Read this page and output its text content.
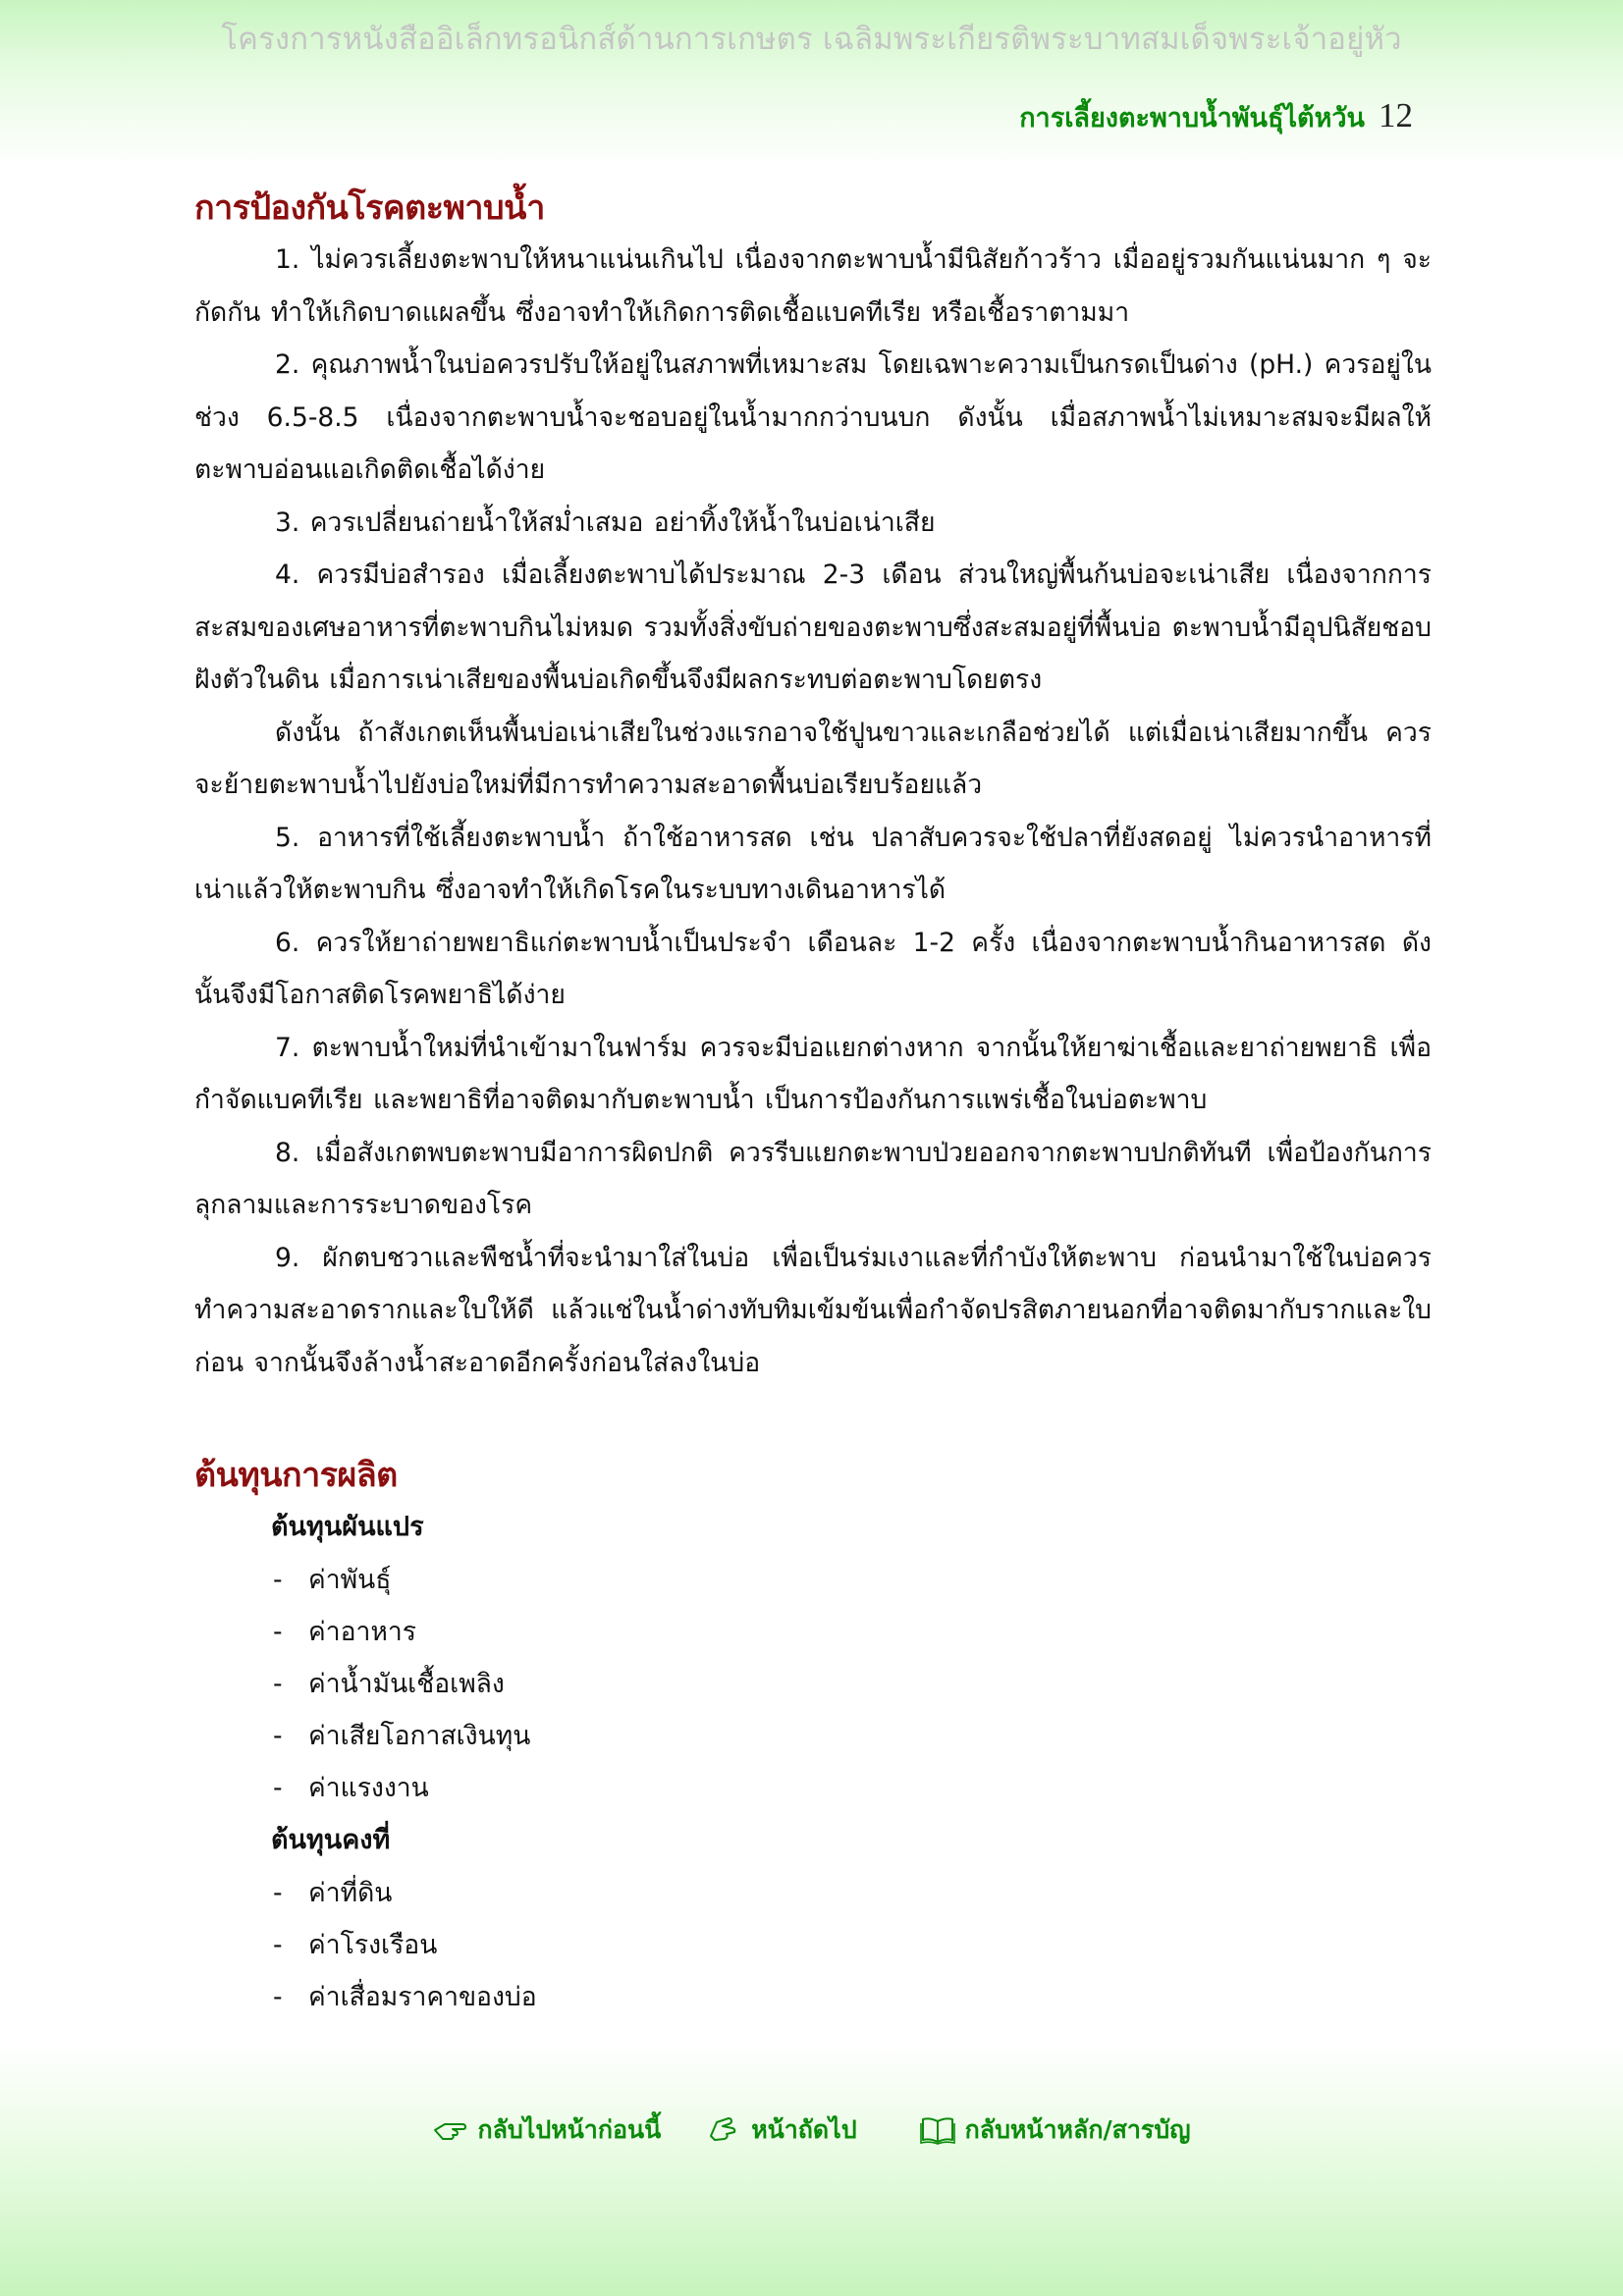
โครงการหนังสืออิเล็กทรอนิกส์ด้านการเกษตร เฉลิมพระเกียรติพระบาทสมเด็จพระเจ้าอยู่หัว
การเลี้ยงตะพาบน้ำพันธุ์ไต้หวัน 12
การป้องกันโรคตะพาบน้ำ

1. ไม่ควรเลี้ยงตะพาบให้หนาแน่นเกินไป เนื่องจากตะพาบน้ำมีนิสัยก้าวร้าว เมื่ออยู่รวมกันแน่นมาก ๆ จะกัดกัน ทำให้เกิดบาดแผลขึ้น ซึ่งอาจทำให้เกิดการติดเชื้อแบคทีเรีย หรือเชื้อราตามมา

2. คุณภาพน้ำในบ่อควรปรับให้อยู่ในสภาพที่เหมาะสม โดยเฉพาะความเป็นกรดเป็นด่าง (pH.) ควรอยู่ในช่วง 6.5-8.5 เนื่องจากตะพาบน้ำจะชอบอยู่ในน้ำมากกว่าบนบก ดังนั้น เมื่อสภาพน้ำไม่เหมาะสมจะมีผลให้ตะพาบอ่อนแอเกิดติดเชื้อได้ง่าย

3. ควรเปลี่ยนถ่ายน้ำให้สม่ำเสมอ อย่าทิ้งให้น้ำในบ่อเน่าเสีย

4. ควรมีบ่อสำรอง เมื่อเลี้ยงตะพาบได้ประมาณ 2-3 เดือน ส่วนใหญ่พื้นก้นบ่อจะเน่าเสีย เนื่องจากการสะสมของเศษอาหารที่ตะพาบกินไม่หมด รวมทั้งสิ่งขับถ่ายของตะพาบซึ่งสะสมอยู่ที่พื้นบ่อ ตะพาบน้ำมีอุปนิสัยชอบฝังตัวในดิน เมื่อการเน่าเสียของพื้นบ่อเกิดขึ้นจึงมีผลกระทบต่อตะพาบโดยตรง

ดังนั้น ถ้าสังเกตเห็นพื้นบ่อเน่าเสียในช่วงแรกอาจใช้ปูนขาวและเกลือช่วยได้ แต่เมื่อเน่าเสียมากขึ้น ควรจะย้ายตะพาบน้ำไปยังบ่อใหม่ที่มีการทำความสะอาดพื้นบ่อเรียบร้อยแล้ว

5. อาหารที่ใช้เลี้ยงตะพาบน้ำ ถ้าใช้อาหารสด เช่น ปลาสับควรจะใช้ปลาที่ยังสดอยู่ ไม่ควรนำอาหารที่เน่าแล้วให้ตะพาบกิน ซึ่งอาจทำให้เกิดโรคในระบบทางเดินอาหารได้

6. ควรให้ยาถ่ายพยาธิแก่ตะพาบน้ำเป็นประจำ เดือนละ 1-2 ครั้ง เนื่องจากตะพาบน้ำกินอาหารสด ดังนั้นจึงมีโอกาสติดโรคพยาธิได้ง่าย

7. ตะพาบน้ำใหม่ที่นำเข้ามาในฟาร์ม ควรจะมีบ่อแยกต่างหาก จากนั้นให้ยาฆ่าเชื้อและยาถ่ายพยาธิ เพื่อกำจัดแบคทีเรีย และพยาธิที่อาจติดมากับตะพาบน้ำ เป็นการป้องกันการแพร่เชื้อในบ่อตะพาบ

8. เมื่อสังเกตพบตะพาบมีอาการผิดปกติ ควรรีบแยกตะพาบป่วยออกจากตะพาบปกติทันที เพื่อป้องกันการลุกลามและการระบาดของโรค

9. ผักตบชวาและพืชน้ำที่จะนำมาใส่ในบ่อ เพื่อเป็นร่มเงาและที่กำบังให้ตะพาบ ก่อนนำมาใช้ในบ่อควรทำความสะอาดรากและใบให้ดี แล้วแช่ในน้ำด่างทับทิมเข้มข้นเพื่อกำจัดปรสิตภายนอกที่อาจติดมากับรากและใบก่อน จากนั้นจึงล้างน้ำสะอาดอีกครั้งก่อนใส่ลงในบ่อ

ต้นทุนการผลิต
ต้นทุนผันแปร
- ค่าพันธุ์
- ค่าอาหาร
- ค่าน้ำมันเชื้อเพลิง
- ค่าเสียโอกาสเงินทุน
- ค่าแรงงาน
ต้นทุนคงที่
- ค่าที่ดิน
- ค่าโรงเรือน
- ค่าเสื่อมราคาของบ่อ
กลับไปหน้าก่อนนี้	หน้าถัดไป	กลับหน้าหลัก/สารบัญ
